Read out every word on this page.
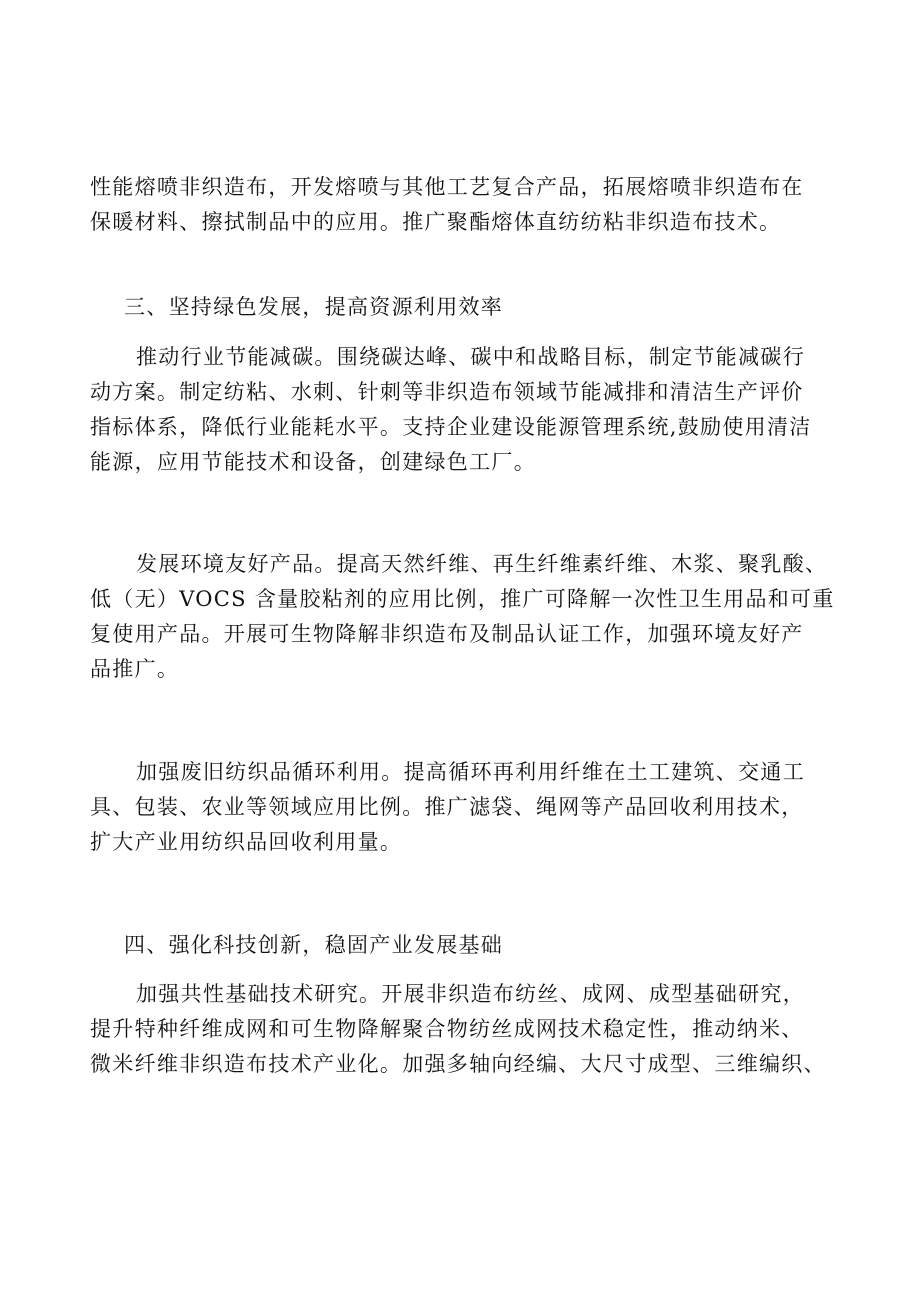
性能熔喷非织造布，开发熔喷与其他工艺复合产品，拓展熔喷非织造布在
保暖材料、擦拭制品中的应用。推广聚酯熔体直纺纺粘非织造布技术。
三、坚持绿色发展，提高资源利用效率
推动行业节能减碳。围绕碳达峰、碳中和战略目标，制定节能减碳行
动方案。制定纺粘、水刺、针刺等非织造布领域节能减排和清洁生产评价
指标体系，降低行业能耗水平。支持企业建设能源管理系统,鼓励使用清洁
能源，应用节能技术和设备，创建绿色工厂。
发展环境友好产品。提高天然纤维、再生纤维素纤维、木浆、聚乳酸、
低（无）VOCS 含量胶粘剂的应用比例，推广可降解一次性卫生用品和可重
复使用产品。开展可生物降解非织造布及制品认证工作，加强环境友好产
品推广。
加强废旧纺织品循环利用。提高循环再利用纤维在土工建筑、交通工
具、包装、农业等领域应用比例。推广滤袋、绳网等产品回收利用技术，
扩大产业用纺织品回收利用量。
四、强化科技创新，稳固产业发展基础
加强共性基础技术研究。开展非织造布纺丝、成网、成型基础研究，
提升特种纤维成网和可生物降解聚合物纺丝成网技术稳定性，推动纳米、
微米纤维非织造布技术产业化。加强多轴向经编、大尺寸成型、三维编织、
